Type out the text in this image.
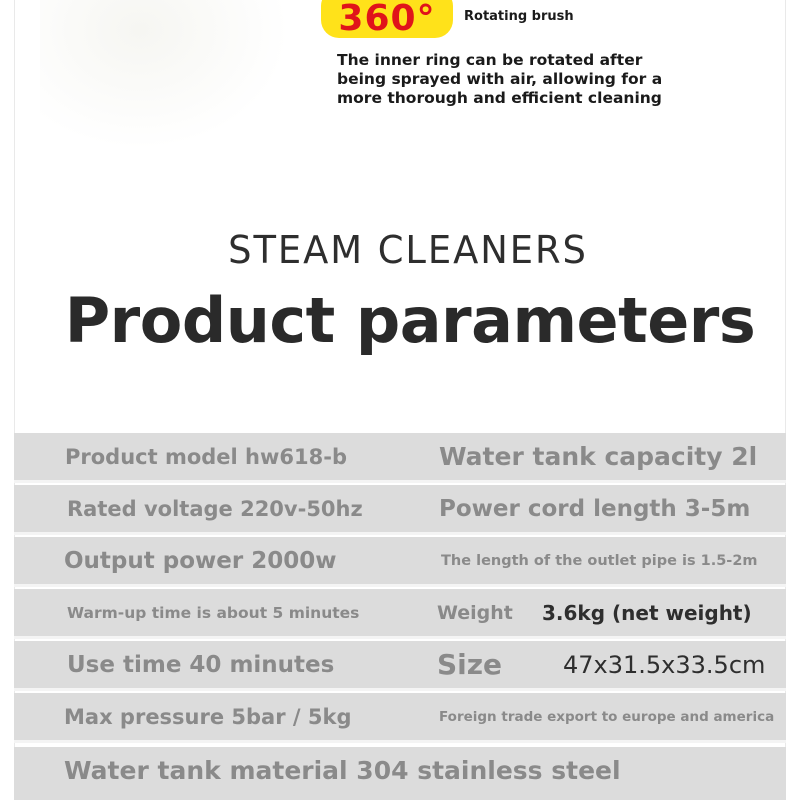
360° Rotating brush
The inner ring can be rotated after
being sprayed with air, allowing for a
more thorough and efficient cleaning
STEAM CLEANERS
Product parameters
Product model hw618-b	Water tank capacity 2l
Rated voltage 220v-50hz	Power cord length 3-5m
Output power 2000w	The length of the outlet pipe is 1.5-2m
Warm-up time is about 5 minutes	Weight 3.6kg (net weight)
Use time 40 minutes	Size	47x31.5x33.5cm
Max pressure 5bar / 5kg	Foreign trade export to europe and america
Water tank material 304 stainless steel
